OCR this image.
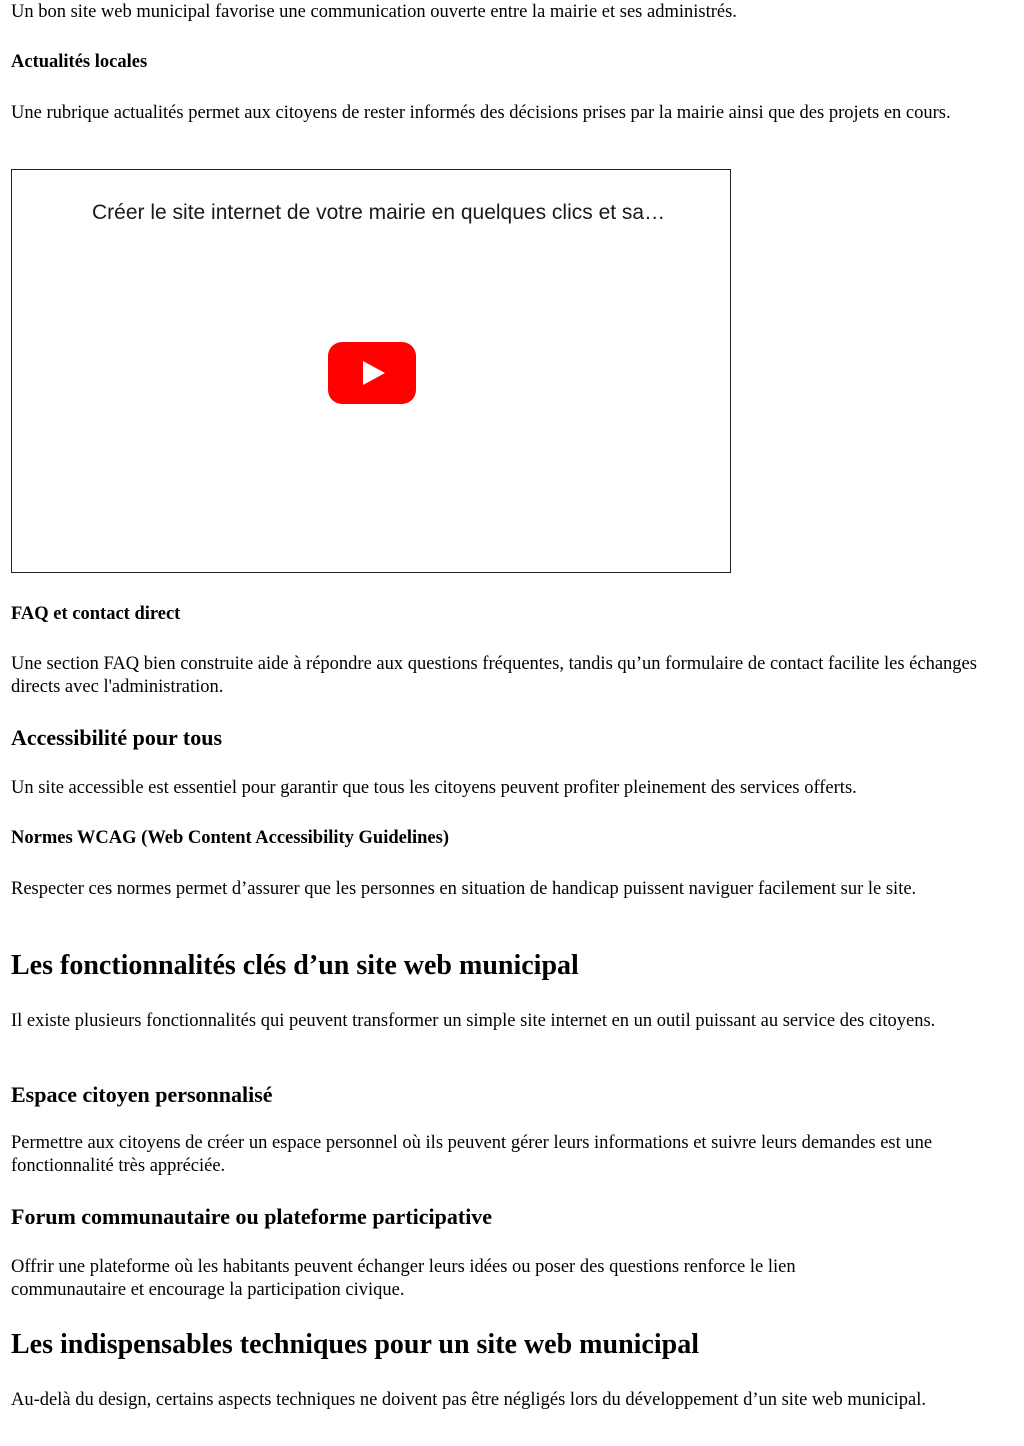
Un bon site web municipal favorise une communication ouverte entre la mairie et ses administrés.

Actualités locales

Une rubrique actualités permet aux citoyens de rester informés des décisions prises par la mairie ainsi que des projets en cours.

Créer le site internet de votre mairie en quelques clics et sa…
FAQ et contact direct

Une section FAQ bien construite aide à répondre aux questions fréquentes, tandis qu’un formulaire de contact facilite les échanges directs avec l'administration.

Accessibilité pour tous

Un site accessible est essentiel pour garantir que tous les citoyens peuvent profiter pleinement des services offerts.

Normes WCAG (Web Content Accessibility Guidelines)

Respecter ces normes permet d’assurer que les personnes en situation de handicap puissent naviguer facilement sur le site.

Les fonctionnalités clés d’un site web municipal

Il existe plusieurs fonctionnalités qui peuvent transformer un simple site internet en un outil puissant au service des citoyens.

Espace citoyen personnalisé

Permettre aux citoyens de créer un espace personnel où ils peuvent gérer leurs informations et suivre leurs demandes est une fonctionnalité très appréciée.

Forum communautaire ou plateforme participative

Offrir une plateforme où les habitants peuvent échanger leurs idées ou poser des questions renforce le lien communautaire et encourage la participation civique.

Les indispensables techniques pour un site web municipal

Au-delà du design, certains aspects techniques ne doivent pas être négligés lors du développement d’un site web municipal.
